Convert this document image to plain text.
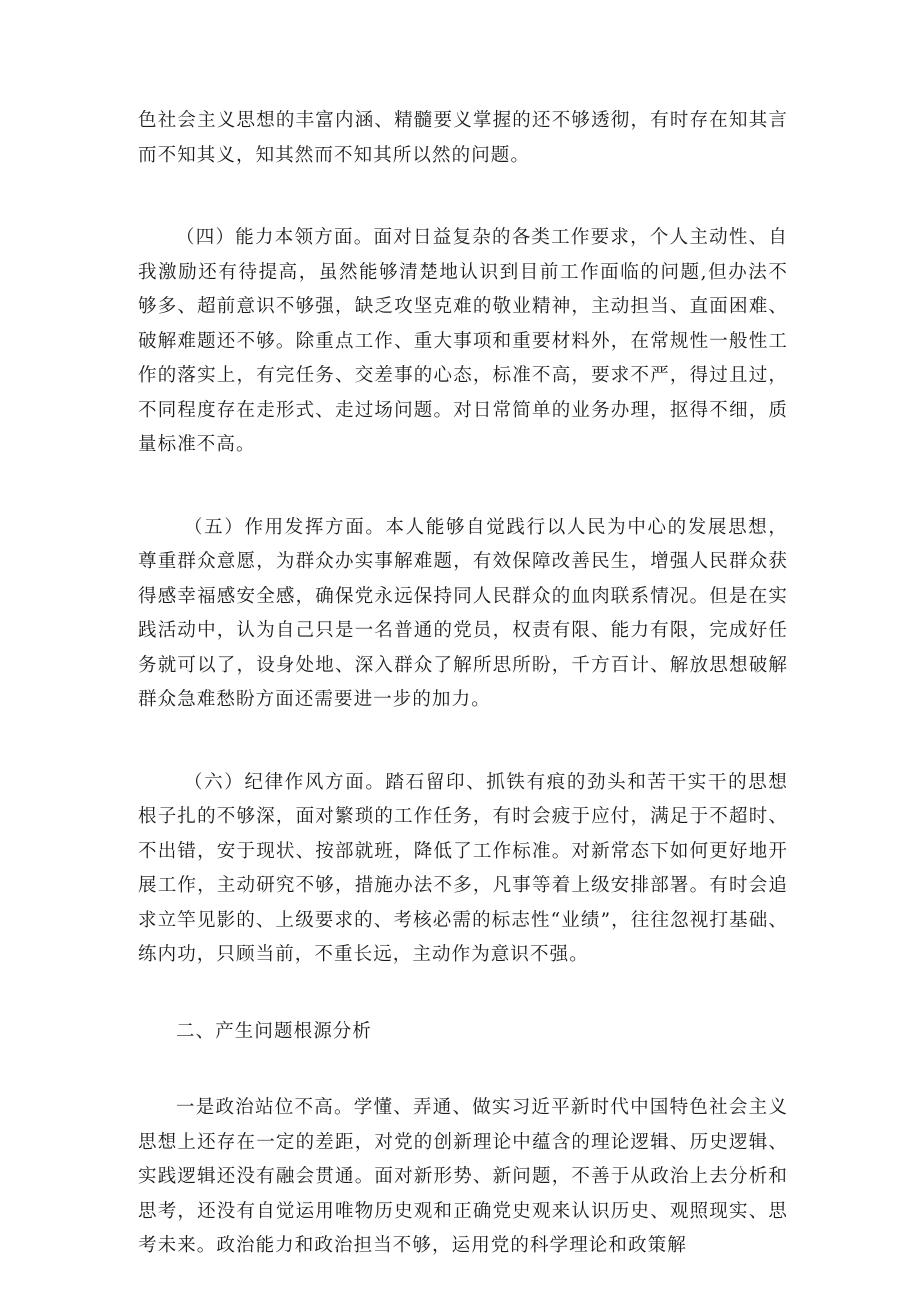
色社会主义思想的丰富内涵、精髓要义掌握的还不够透彻，有时存在知其言而不知其义，知其然而不知其所以然的问题。

（四）能力本领方面。面对日益复杂的各类工作要求，个人主动性、自我激励还有待提高，虽然能够清楚地认识到目前工作面临的问题,但办法不够多、超前意识不够强，缺乏攻坚克难的敬业精神，主动担当、直面困难、破解难题还不够。除重点工作、重大事项和重要材料外，在常规性一般性工作的落实上，有完任务、交差事的心态，标准不高，要求不严，得过且过，不同程度存在走形式、走过场问题。对日常简单的业务办理，抠得不细，质量标准不高。

（五）作用发挥方面。本人能够自觉践行以人民为中心的发展思想，尊重群众意愿，为群众办实事解难题，有效保障改善民生，增强人民群众获得感幸福感安全感，确保党永远保持同人民群众的血肉联系情况。但是在实践活动中，认为自己只是一名普通的党员，权责有限、能力有限，完成好任务就可以了，设身处地、深入群众了解所思所盼，千方百计、解放思想破解群众急难愁盼方面还需要进一步的加力。

（六）纪律作风方面。踏石留印、抓铁有痕的劲头和苦干实干的思想根子扎的不够深，面对繁琐的工作任务，有时会疲于应付，满足于不超时、不出错，安于现状、按部就班，降低了工作标准。对新常态下如何更好地开展工作，主动研究不够，措施办法不多，凡事等着上级安排部署。有时会追求立竿见影的、上级要求的、考核必需的标志性“业绩”，往往忽视打基础、练内功，只顾当前，不重长远，主动作为意识不强。

二、产生问题根源分析

一是政治站位不高。学懂、弄通、做实习近平新时代中国特色社会主义思想上还存在一定的差距，对党的创新理论中蕴含的理论逻辑、历史逻辑、实践逻辑还没有融会贯通。面对新形势、新问题，不善于从政治上去分析和思考，还没有自觉运用唯物历史观和正确党史观来认识历史、观照现实、思考未来。政治能力和政治担当不够，运用党的科学理论和政策解
